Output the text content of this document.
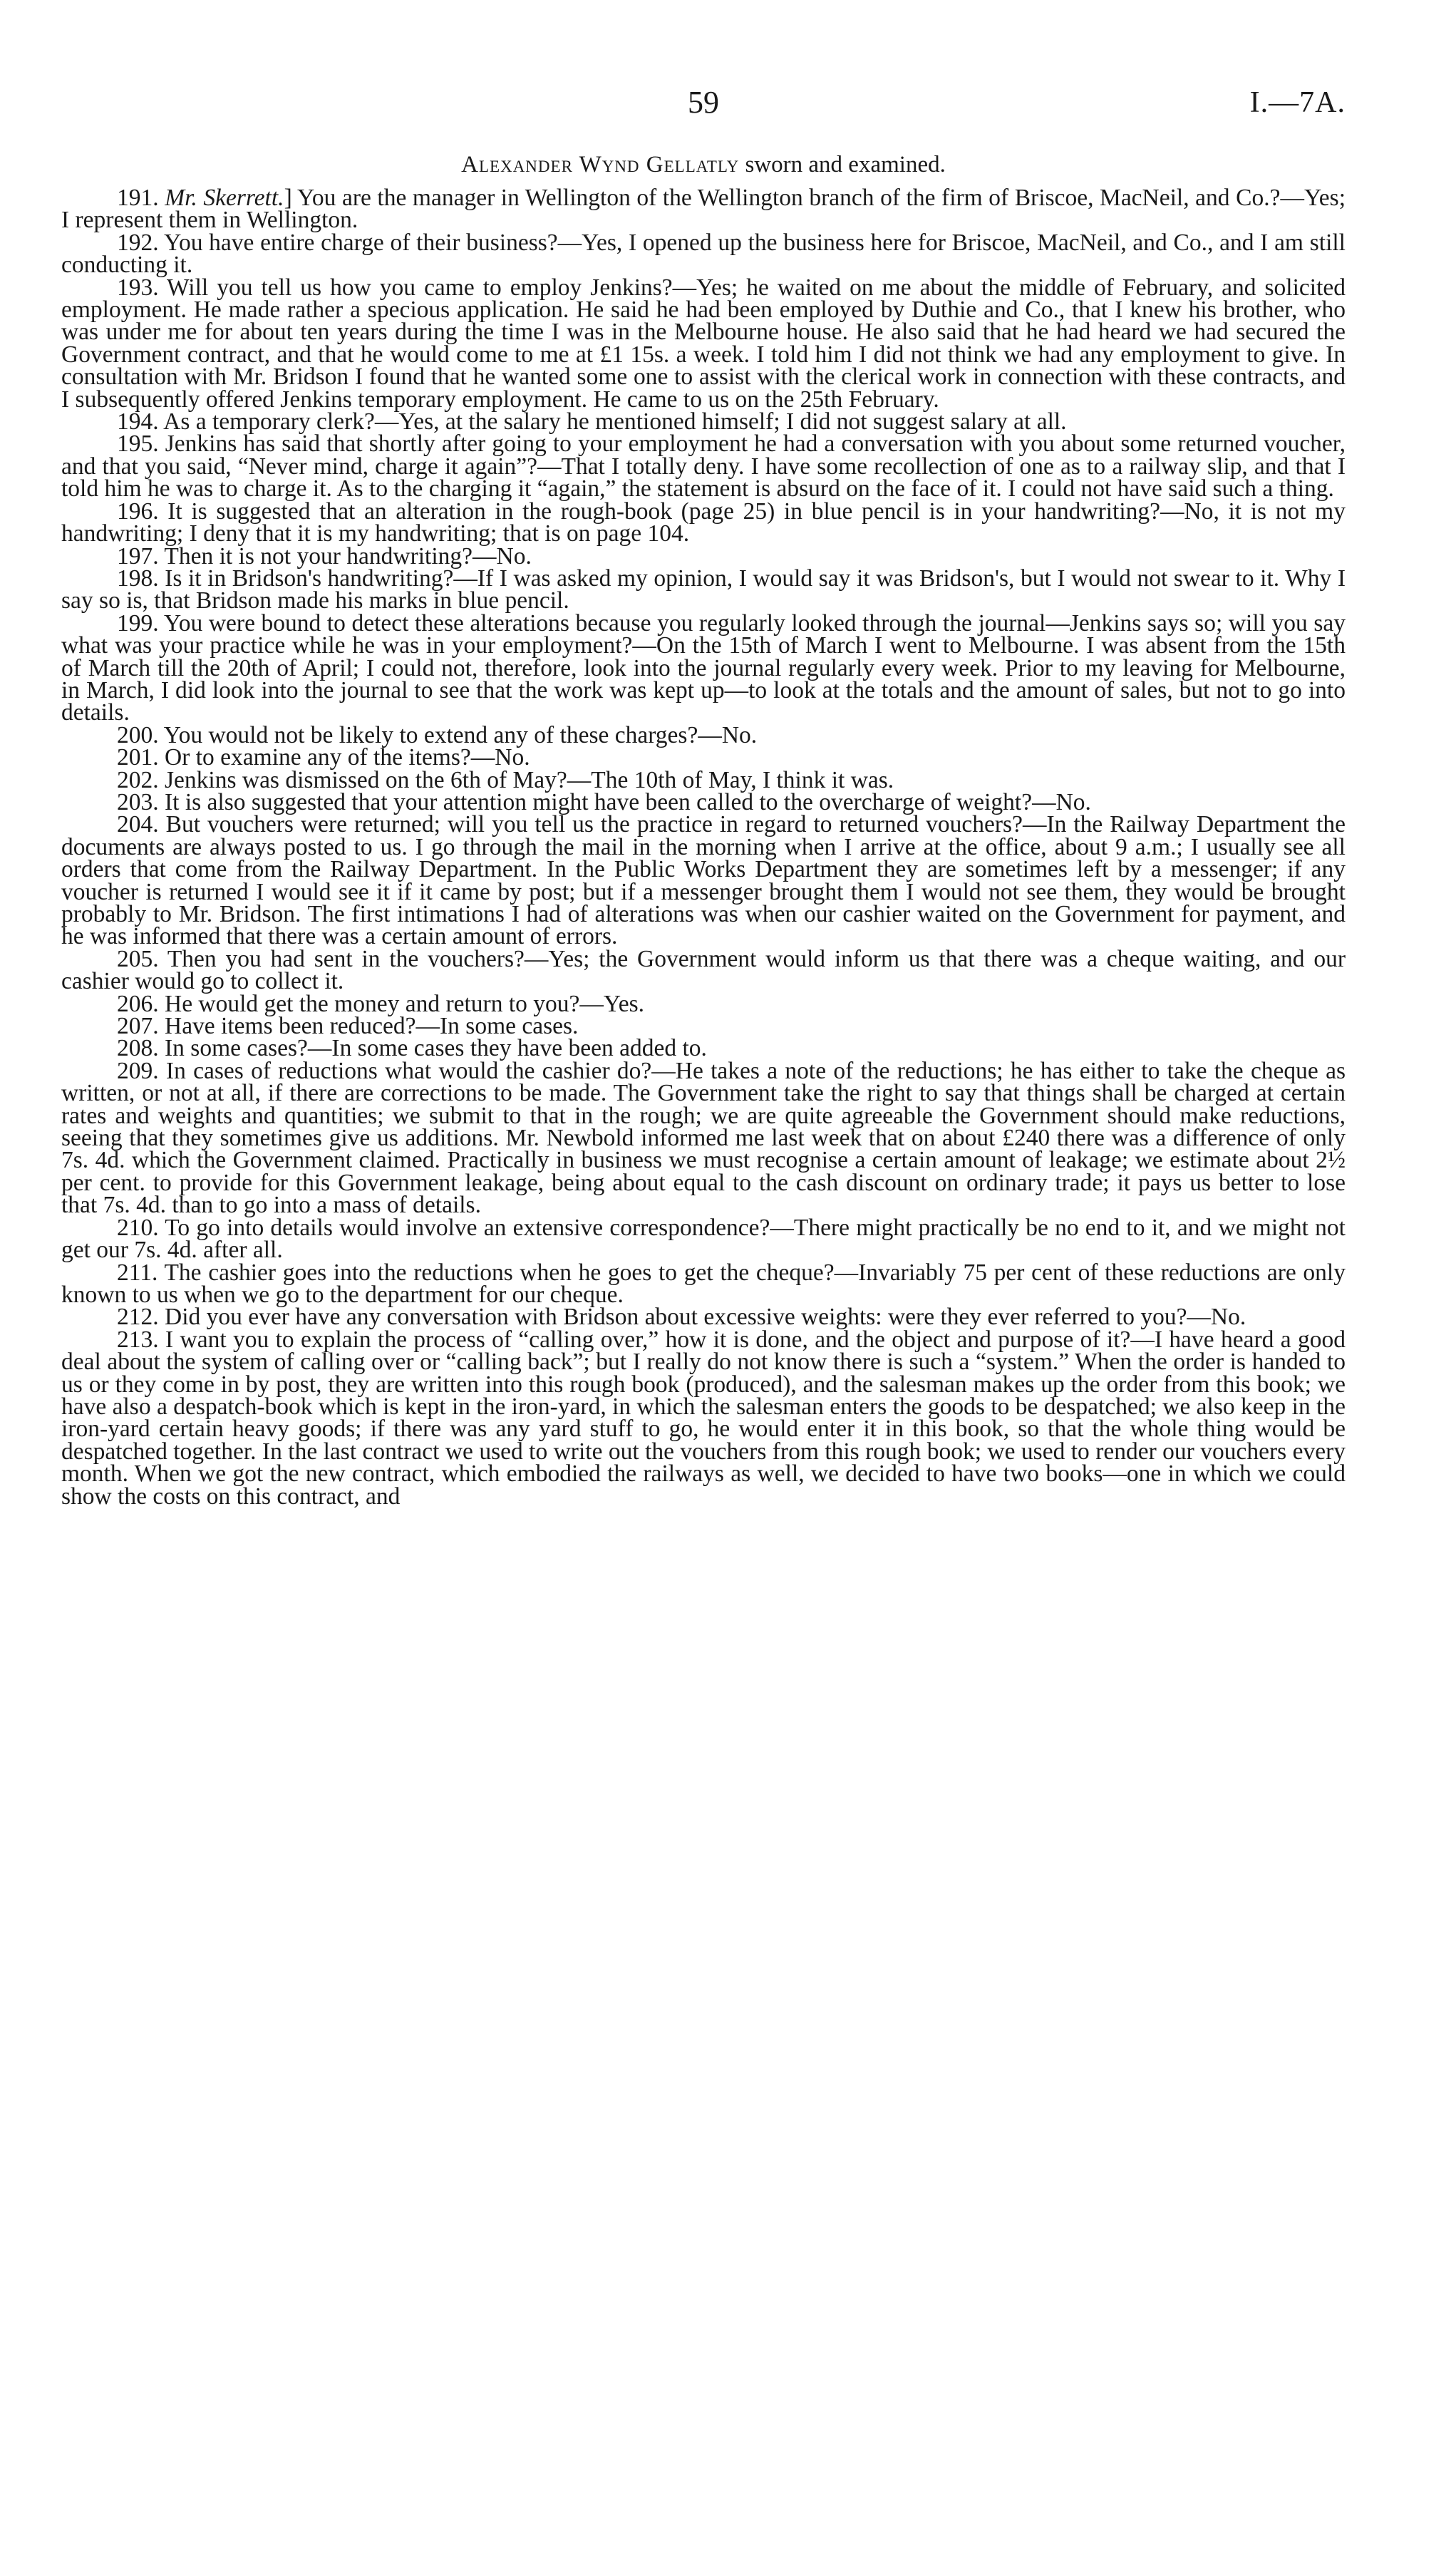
59	I.—7A.
Alexander Wynd Gellatly sworn and examined.

191. Mr. Skerrett.] You are the manager in Wellington of the Wellington branch of the firm of Briscoe, MacNeil, and Co.?—Yes; I represent them in Wellington.

192. You have entire charge of their business?—Yes, I opened up the business here for Briscoe, MacNeil, and Co., and I am still conducting it.

193. Will you tell us how you came to employ Jenkins?—Yes; he waited on me about the middle of February, and solicited employment. He made rather a specious application. He said he had been employed by Duthie and Co., that I knew his brother, who was under me for about ten years during the time I was in the Melbourne house. He also said that he had heard we had secured the Government contract, and that he would come to me at £1 15s. a week. I told him I did not think we had any employment to give. In consultation with Mr. Bridson I found that he wanted some one to assist with the clerical work in connection with these contracts, and I subsequently offered Jenkins temporary employment. He came to us on the 25th February.

194. As a temporary clerk?—Yes, at the salary he mentioned himself; I did not suggest salary at all.

195. Jenkins has said that shortly after going to your employment he had a conversation with you about some returned voucher, and that you said, “Never mind, charge it again”?—That I totally deny. I have some recollection of one as to a railway slip, and that I told him he was to charge it. As to the charging it “again,” the statement is absurd on the face of it. I could not have said such a thing.

196. It is suggested that an alteration in the rough-book (page 25) in blue pencil is in your handwriting?—No, it is not my handwriting; I deny that it is my handwriting; that is on page 104.

197. Then it is not your handwriting?—No.

198. Is it in Bridson's handwriting?—If I was asked my opinion, I would say it was Bridson's, but I would not swear to it. Why I say so is, that Bridson made his marks in blue pencil.

199. You were bound to detect these alterations because you regularly looked through the journal—Jenkins says so; will you say what was your practice while he was in your employment?—On the 15th of March I went to Melbourne. I was absent from the 15th of March till the 20th of April; I could not, therefore, look into the journal regularly every week. Prior to my leaving for Melbourne, in March, I did look into the journal to see that the work was kept up—to look at the totals and the amount of sales, but not to go into details.

200. You would not be likely to extend any of these charges?—No.

201. Or to examine any of the items?—No.

202. Jenkins was dismissed on the 6th of May?—The 10th of May, I think it was.

203. It is also suggested that your attention might have been called to the overcharge of weight?—No.

204. But vouchers were returned; will you tell us the practice in regard to returned vouchers?—In the Railway Department the documents are always posted to us. I go through the mail in the morning when I arrive at the office, about 9 a.m.; I usually see all orders that come from the Railway Department. In the Public Works Department they are sometimes left by a messenger; if any voucher is returned I would see it if it came by post; but if a messenger brought them I would not see them, they would be brought probably to Mr. Bridson. The first intimations I had of alterations was when our cashier waited on the Government for payment, and he was informed that there was a certain amount of errors.

205. Then you had sent in the vouchers?—Yes; the Government would inform us that there was a cheque waiting, and our cashier would go to collect it.

206. He would get the money and return to you?—Yes.

207. Have items been reduced?—In some cases.

208. In some cases?—In some cases they have been added to.

209. In cases of reductions what would the cashier do?—He takes a note of the reductions; he has either to take the cheque as written, or not at all, if there are corrections to be made. The Government take the right to say that things shall be charged at certain rates and weights and quantities; we submit to that in the rough; we are quite agreeable the Government should make reductions, seeing that they sometimes give us additions. Mr. Newbold informed me last week that on about £240 there was a difference of only 7s. 4d. which the Government claimed. Practically in business we must recognise a certain amount of leakage; we estimate about 2½ per cent. to provide for this Government leakage, being about equal to the cash discount on ordinary trade; it pays us better to lose that 7s. 4d. than to go into a mass of details.

210. To go into details would involve an extensive correspondence?—There might practically be no end to it, and we might not get our 7s. 4d. after all.

211. The cashier goes into the reductions when he goes to get the cheque?—Invariably 75 per cent of these reductions are only known to us when we go to the department for our cheque.

212. Did you ever have any conversation with Bridson about excessive weights: were they ever referred to you?—No.

213. I want you to explain the process of “calling over,” how it is done, and the object and purpose of it?—I have heard a good deal about the system of calling over or “calling back”; but I really do not know there is such a “system.” When the order is handed to us or they come in by post, they are written into this rough book (produced), and the salesman makes up the order from this book; we have also a despatch-book which is kept in the iron-yard, in which the salesman enters the goods to be despatched; we also keep in the iron-yard certain heavy goods; if there was any yard stuff to go, he would enter it in this book, so that the whole thing would be despatched together. In the last contract we used to write out the vouchers from this rough book; we used to render our vouchers every month. When we got the new contract, which embodied the railways as well, we decided to have two books—one in which we could show the costs on this contract, and
